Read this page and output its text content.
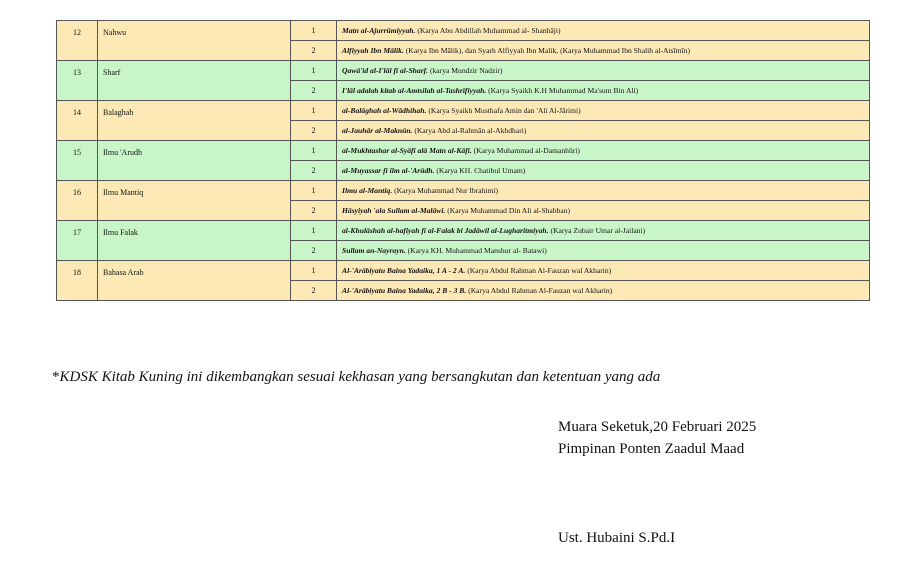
12	Nahwu	1	Matn al-Ajurrūmiyyah. (Karya Abu Abdillah Muhammad al- Shanhāji)
		2	Alfiyyah Ibn Mālik. (Karya Ibn Mālik), dan Syarh Alfiyyah Ibn Malik, (Karya Muhammad Ibn Shalih al-Atsīmīn)
13	Sharf	1	Qawā'id al-I'lāl fī al-Sharf. (karya Mundzir Nadzir)
		2	I'lāl adalah kitab al-Amtsilah al-Tashrīfiyyah. (Karya Syaikh K.H Muhammad Ma'sum Bin Ali)
14	Balaghah	1	al-Balāghah al-Wādhihah. (Karya Syaikh Musthafa Amin dan 'Ali Al-Jārimi)
		2	al-Jauhār al-Maknūn. (Karya Abd al-Rahmān al-Akhdhari)
15	Ilmu 'Arudh	1	al-Mukhtashar al-Syāfī alā Matn al-Kāfī. (Karya Muhammad al-Damanhūri)
		2	al-Muyassar fī ilm al-'Arūdh. (Karya KH. Chatibul Umam)
16	Ilmu Mantiq	1	Ilmu al-Mantiq. (Karya Muhammad Nur Ibrahimi)
		2	Hāsyiyah 'ala Sullam al-Malāwi. (Karya Muhammad Din Ali al-Shabban)
17	Ilmu Falak	1	al-Khulāshah al-hafiyah fī al-Falak bi Jadāwil al-Lugharitmiyah. (Karya Zubair Umar al-Jailani)
		2	Sullam an-Nayrayn. (Karya KH. Muhammad Manshur al- Batawi)
18	Bahasa Arab	1	Al-'Arābiyatu Baina Yadaika, 1 A - 2 A. (Karya Abdul Rahman Al-Fauzan wal Akharin)
		2	Al-'Arābiyatu Baina Yadaika, 2 B - 3 B. (Karya Abdul Rahman Al-Fauzan wal Akharin)
*KDSK Kitab Kuning ini dikembangkan sesuai kekhasan yang bersangkutan dan ketentuan yang ada
Muara Seketuk,20 Februari 2025
Pimpinan Ponten Zaadul Maad
Ust. Hubaini S.Pd.I
